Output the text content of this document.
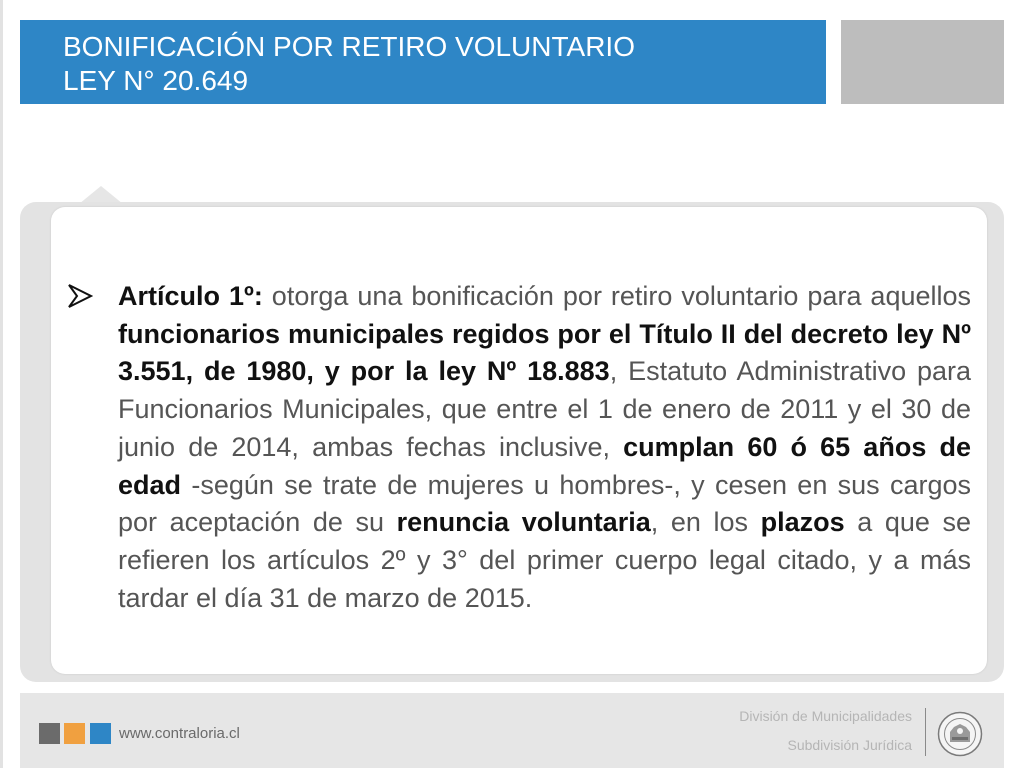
BONIFICACIÓN POR RETIRO VOLUNTARIO
LEY N° 20.649

Artículo 1º: otorga una bonificación por retiro voluntario para aquellos funcionarios municipales regidos por el Título II del decreto ley Nº 3.551, de 1980, y por la ley Nº 18.883, Estatuto Administrativo para Funcionarios Municipales, que entre el 1 de enero de 2011 y el 30 de junio de 2014, ambas fechas inclusive, cumplan 60 ó 65 años de edad -según se trate de mujeres u hombres-, y cesen en sus cargos por aceptación de su renuncia voluntaria, en los plazos a que se refieren los artículos 2º y 3° del primer cuerpo legal citado, y a más tardar el día 31 de marzo de 2015.

www.contraloria.cl
División de Municipalidades
Subdivisión Jurídica
